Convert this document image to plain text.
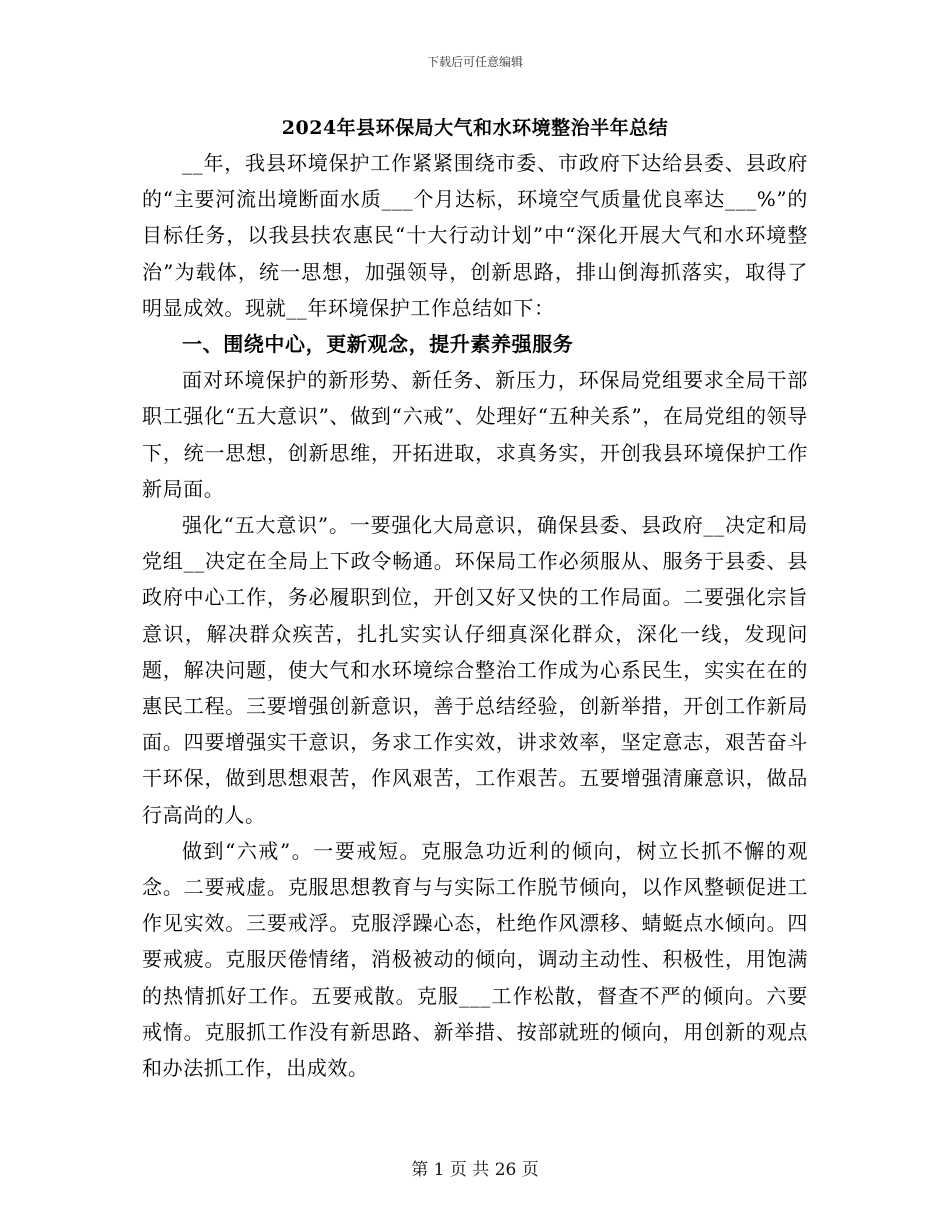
下载后可任意编辑
2024年县环保局大气和水环境整治半年总结

__年，我县环境保护工作紧紧围绕市委、市政府下达给县委、县政府的“主要河流出境断面水质___个月达标，环境空气质量优良率达___%”的目标任务，以我县扶农惠民“十大行动计划”中“深化开展大气和水环境整治”为载体，统一思想，加强领导，创新思路，排山倒海抓落实，取得了明显成效。现就__年环境保护工作总结如下：

一、围绕中心，更新观念，提升素养强服务

面对环境保护的新形势、新任务、新压力，环保局党组要求全局干部职工强化“五大意识”、做到“六戒”、处理好“五种关系”，在局党组的领导下，统一思想，创新思维，开拓进取，求真务实，开创我县环境保护工作新局面。

强化“五大意识”。一要强化大局意识，确保县委、县政府__决定和局党组__决定在全局上下政令畅通。环保局工作必须服从、服务于县委、县政府中心工作，务必履职到位，开创又好又快的工作局面。二要强化宗旨意识，解决群众疾苦，扎扎实实认仔细真深化群众，深化一线，发现问题，解决问题，使大气和水环境综合整治工作成为心系民生，实实在在的惠民工程。三要增强创新意识，善于总结经验，创新举措，开创工作新局面。四要增强实干意识，务求工作实效，讲求效率，坚定意志，艰苦奋斗干环保，做到思想艰苦，作风艰苦，工作艰苦。五要增强清廉意识，做品行高尚的人。

做到“六戒”。一要戒短。克服急功近利的倾向，树立长抓不懈的观念。二要戒虚。克服思想教育与与实际工作脱节倾向，以作风整顿促进工作见实效。三要戒浮。克服浮躁心态，杜绝作风漂移、蜻蜓点水倾向。四要戒疲。克服厌倦情绪，消极被动的倾向，调动主动性、积极性，用饱满的热情抓好工作。五要戒散。克服___工作松散，督查不严的倾向。六要戒惰。克服抓工作没有新思路、新举措、按部就班的倾向，用创新的观点和办法抓工作，出成效。

第 1 页 共 26 页
